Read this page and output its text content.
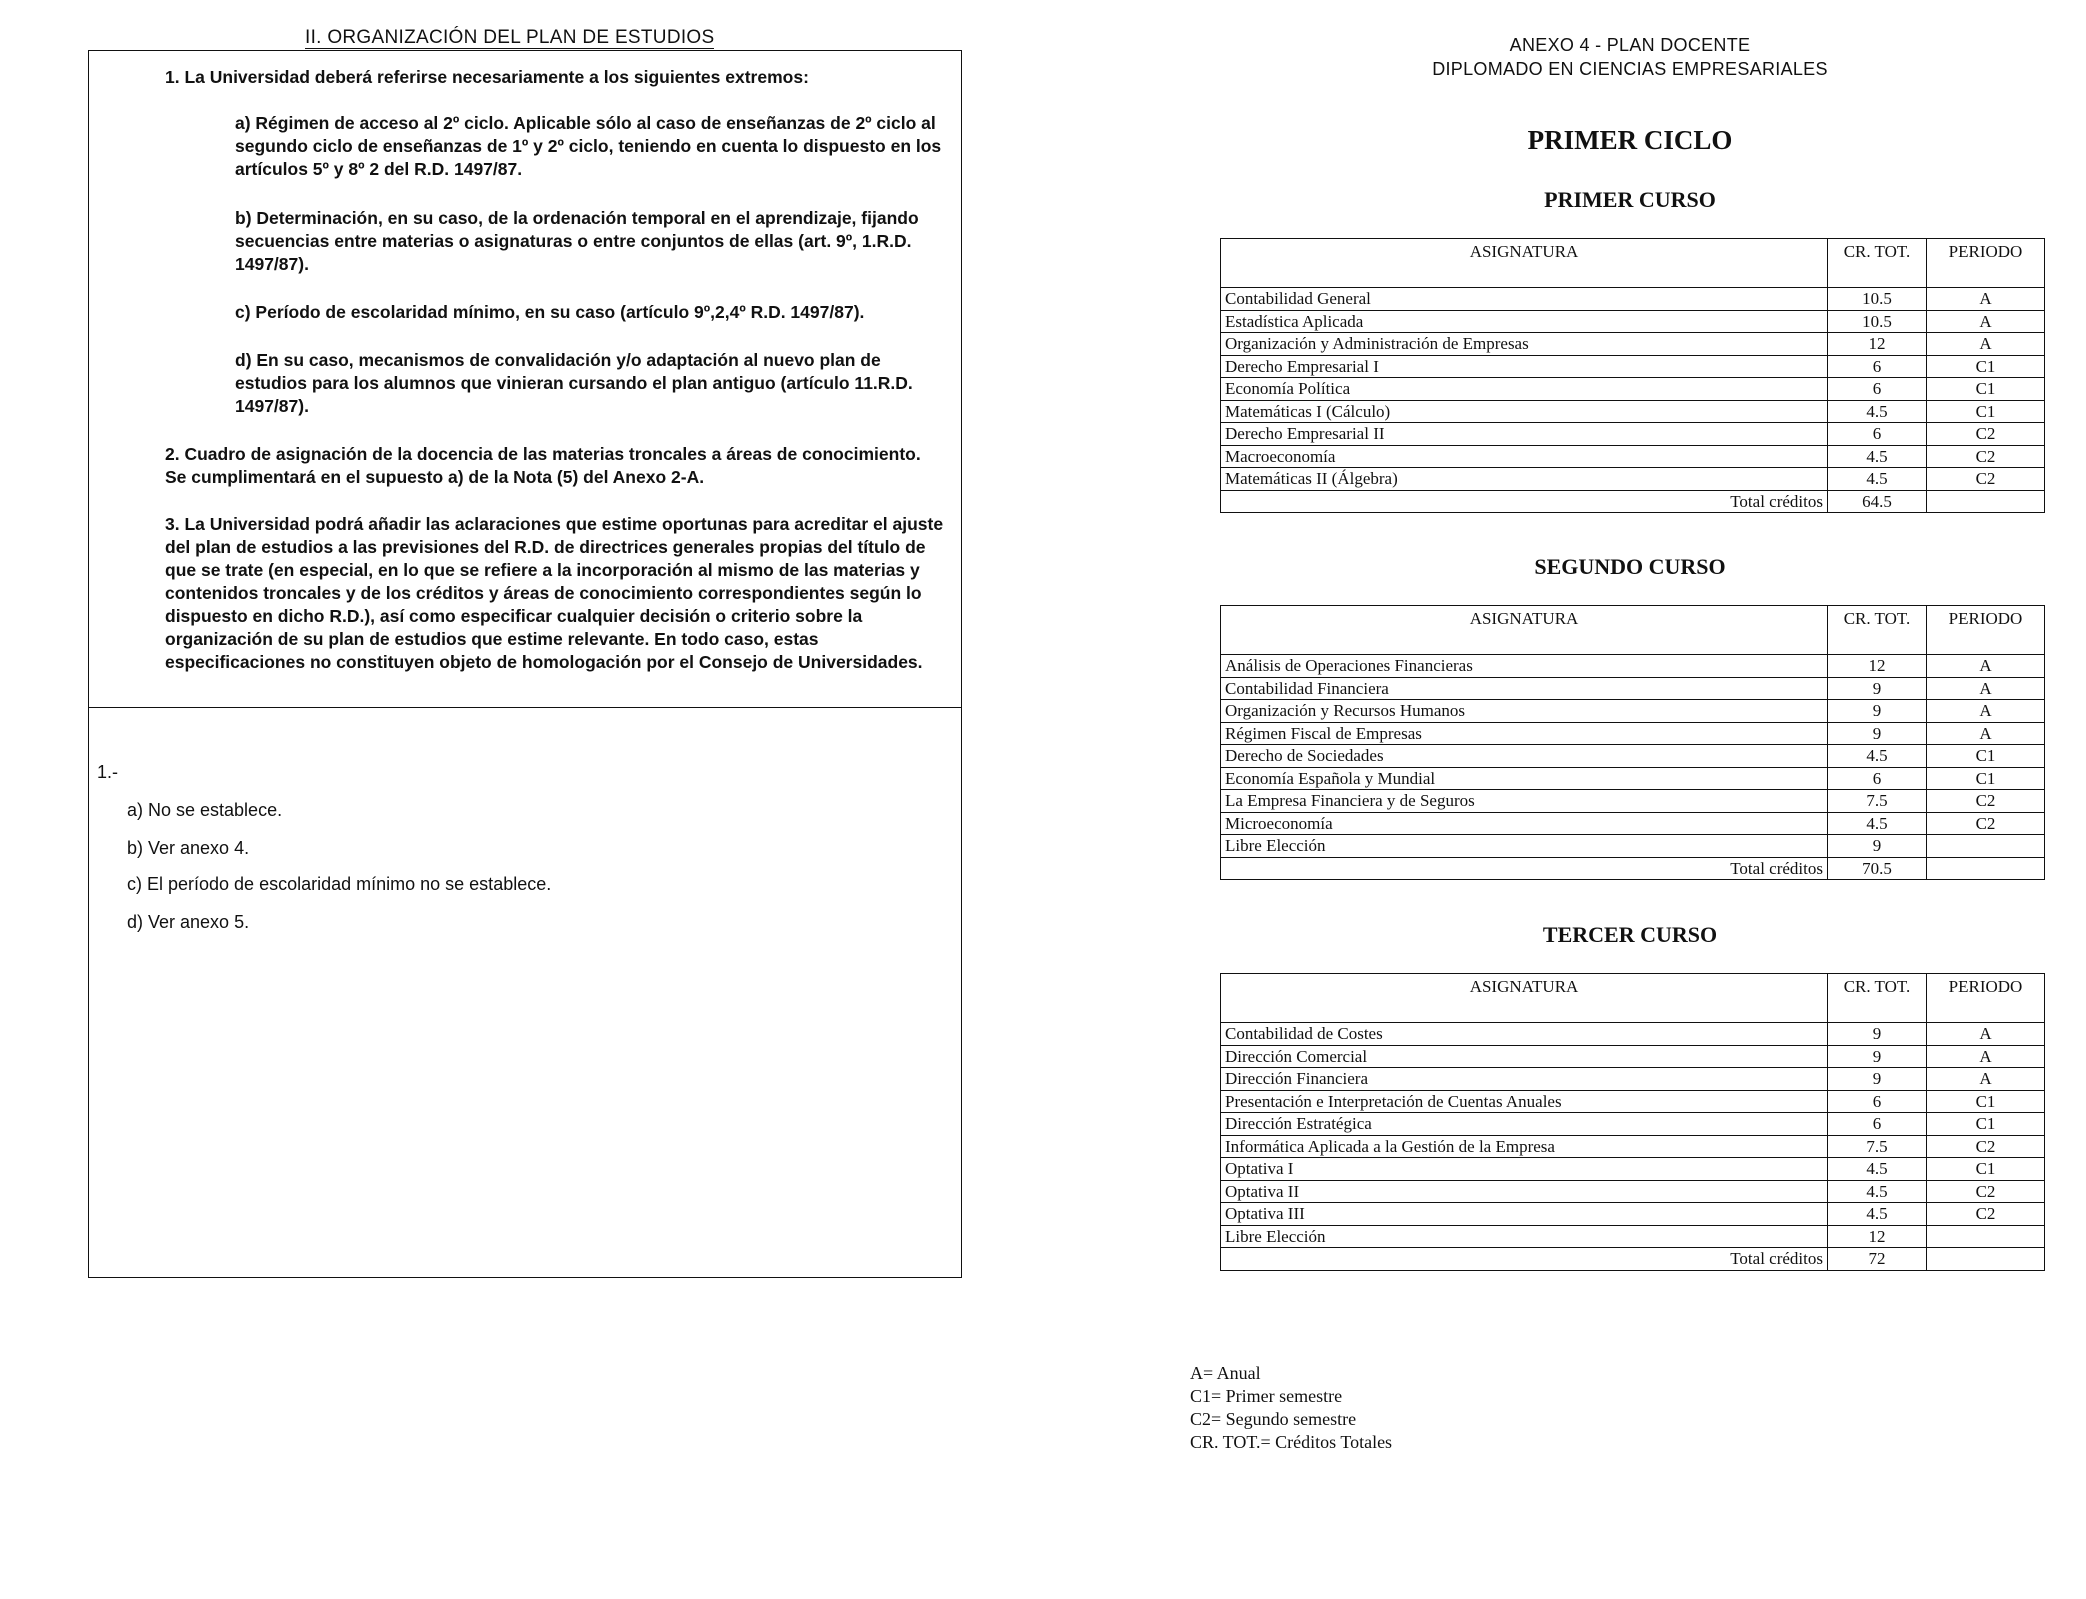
II. ORGANIZACIÓN DEL PLAN DE ESTUDIOS
1. La Universidad deberá referirse necesariamente a los siguientes extremos:
a) Régimen de acceso al 2º ciclo. Aplicable sólo al caso de enseñanzas de 2º ciclo al segundo ciclo de enseñanzas de 1º y 2º ciclo, teniendo en cuenta lo dispuesto en los artículos 5º y 8º 2 del R.D. 1497/87.
b) Determinación, en su caso, de la ordenación temporal en el aprendizaje, fijando secuencias entre materias o asignaturas o entre conjuntos de ellas (art. 9º, 1.R.D. 1497/87).
c) Período de escolaridad mínimo, en su caso (artículo 9º,2,4º R.D. 1497/87).
d) En su caso, mecanismos de convalidación y/o adaptación al nuevo plan de estudios para los alumnos que vinieran cursando el plan antiguo (artículo 11.R.D. 1497/87).
2. Cuadro de asignación de la docencia de las materias troncales a áreas de conocimiento. Se cumplimentará en el supuesto a) de la Nota (5) del Anexo 2-A.
3. La Universidad podrá añadir las aclaraciones que estime oportunas para acreditar el ajuste del plan de estudios a las previsiones del R.D. de directrices generales propias del título de que se trate (en especial, en lo que se refiere a la incorporación al mismo de las materias y contenidos troncales y de los créditos y áreas de conocimiento correspondientes según lo dispuesto en dicho R.D.), así como especificar cualquier decisión o criterio sobre la organización de su plan de estudios que estime relevante. En todo caso, estas especificaciones no constituyen objeto de homologación por el Consejo de Universidades.
1.-
a) No se establece.
b) Ver anexo 4.
c) El período de escolaridad mínimo no se establece.
d) Ver anexo 5.
ANEXO 4 - PLAN DOCENTE
DIPLOMADO EN CIENCIAS EMPRESARIALES
PRIMER CICLO
PRIMER CURSO
ASIGNATURA	CR. TOT.	PERIODO
Contabilidad General	10.5	A
Estadística Aplicada	10.5	A
Organización y Administración de Empresas	12	A
Derecho Empresarial I	6	C1
Economía Política	6	C1
Matemáticas I (Cálculo)	4.5	C1
Derecho Empresarial II	6	C2
Macroeconomía	4.5	C2
Matemáticas II (Álgebra)	4.5	C2
Total créditos	64.5	
SEGUNDO CURSO
ASIGNATURA	CR. TOT.	PERIODO
Análisis de Operaciones Financieras	12	A
Contabilidad Financiera	9	A
Organización y Recursos Humanos	9	A
Régimen Fiscal de Empresas	9	A
Derecho de Sociedades	4.5	C1
Economía Española y Mundial	6	C1
La Empresa Financiera y de Seguros	7.5	C2
Microeconomía	4.5	C2
Libre Elección	9	
Total créditos	70.5	
TERCER CURSO
ASIGNATURA	CR. TOT.	PERIODO
Contabilidad de Costes	9	A
Dirección Comercial	9	A
Dirección Financiera	9	A
Presentación e Interpretación de Cuentas Anuales	6	C1
Dirección Estratégica	6	C1
Informática Aplicada a la Gestión de la Empresa	7.5	C2
Optativa I	4.5	C1
Optativa II	4.5	C2
Optativa III	4.5	C2
Libre Elección	12	
Total créditos	72	
A= Anual
C1= Primer semestre
C2= Segundo semestre
CR. TOT.= Créditos Totales
